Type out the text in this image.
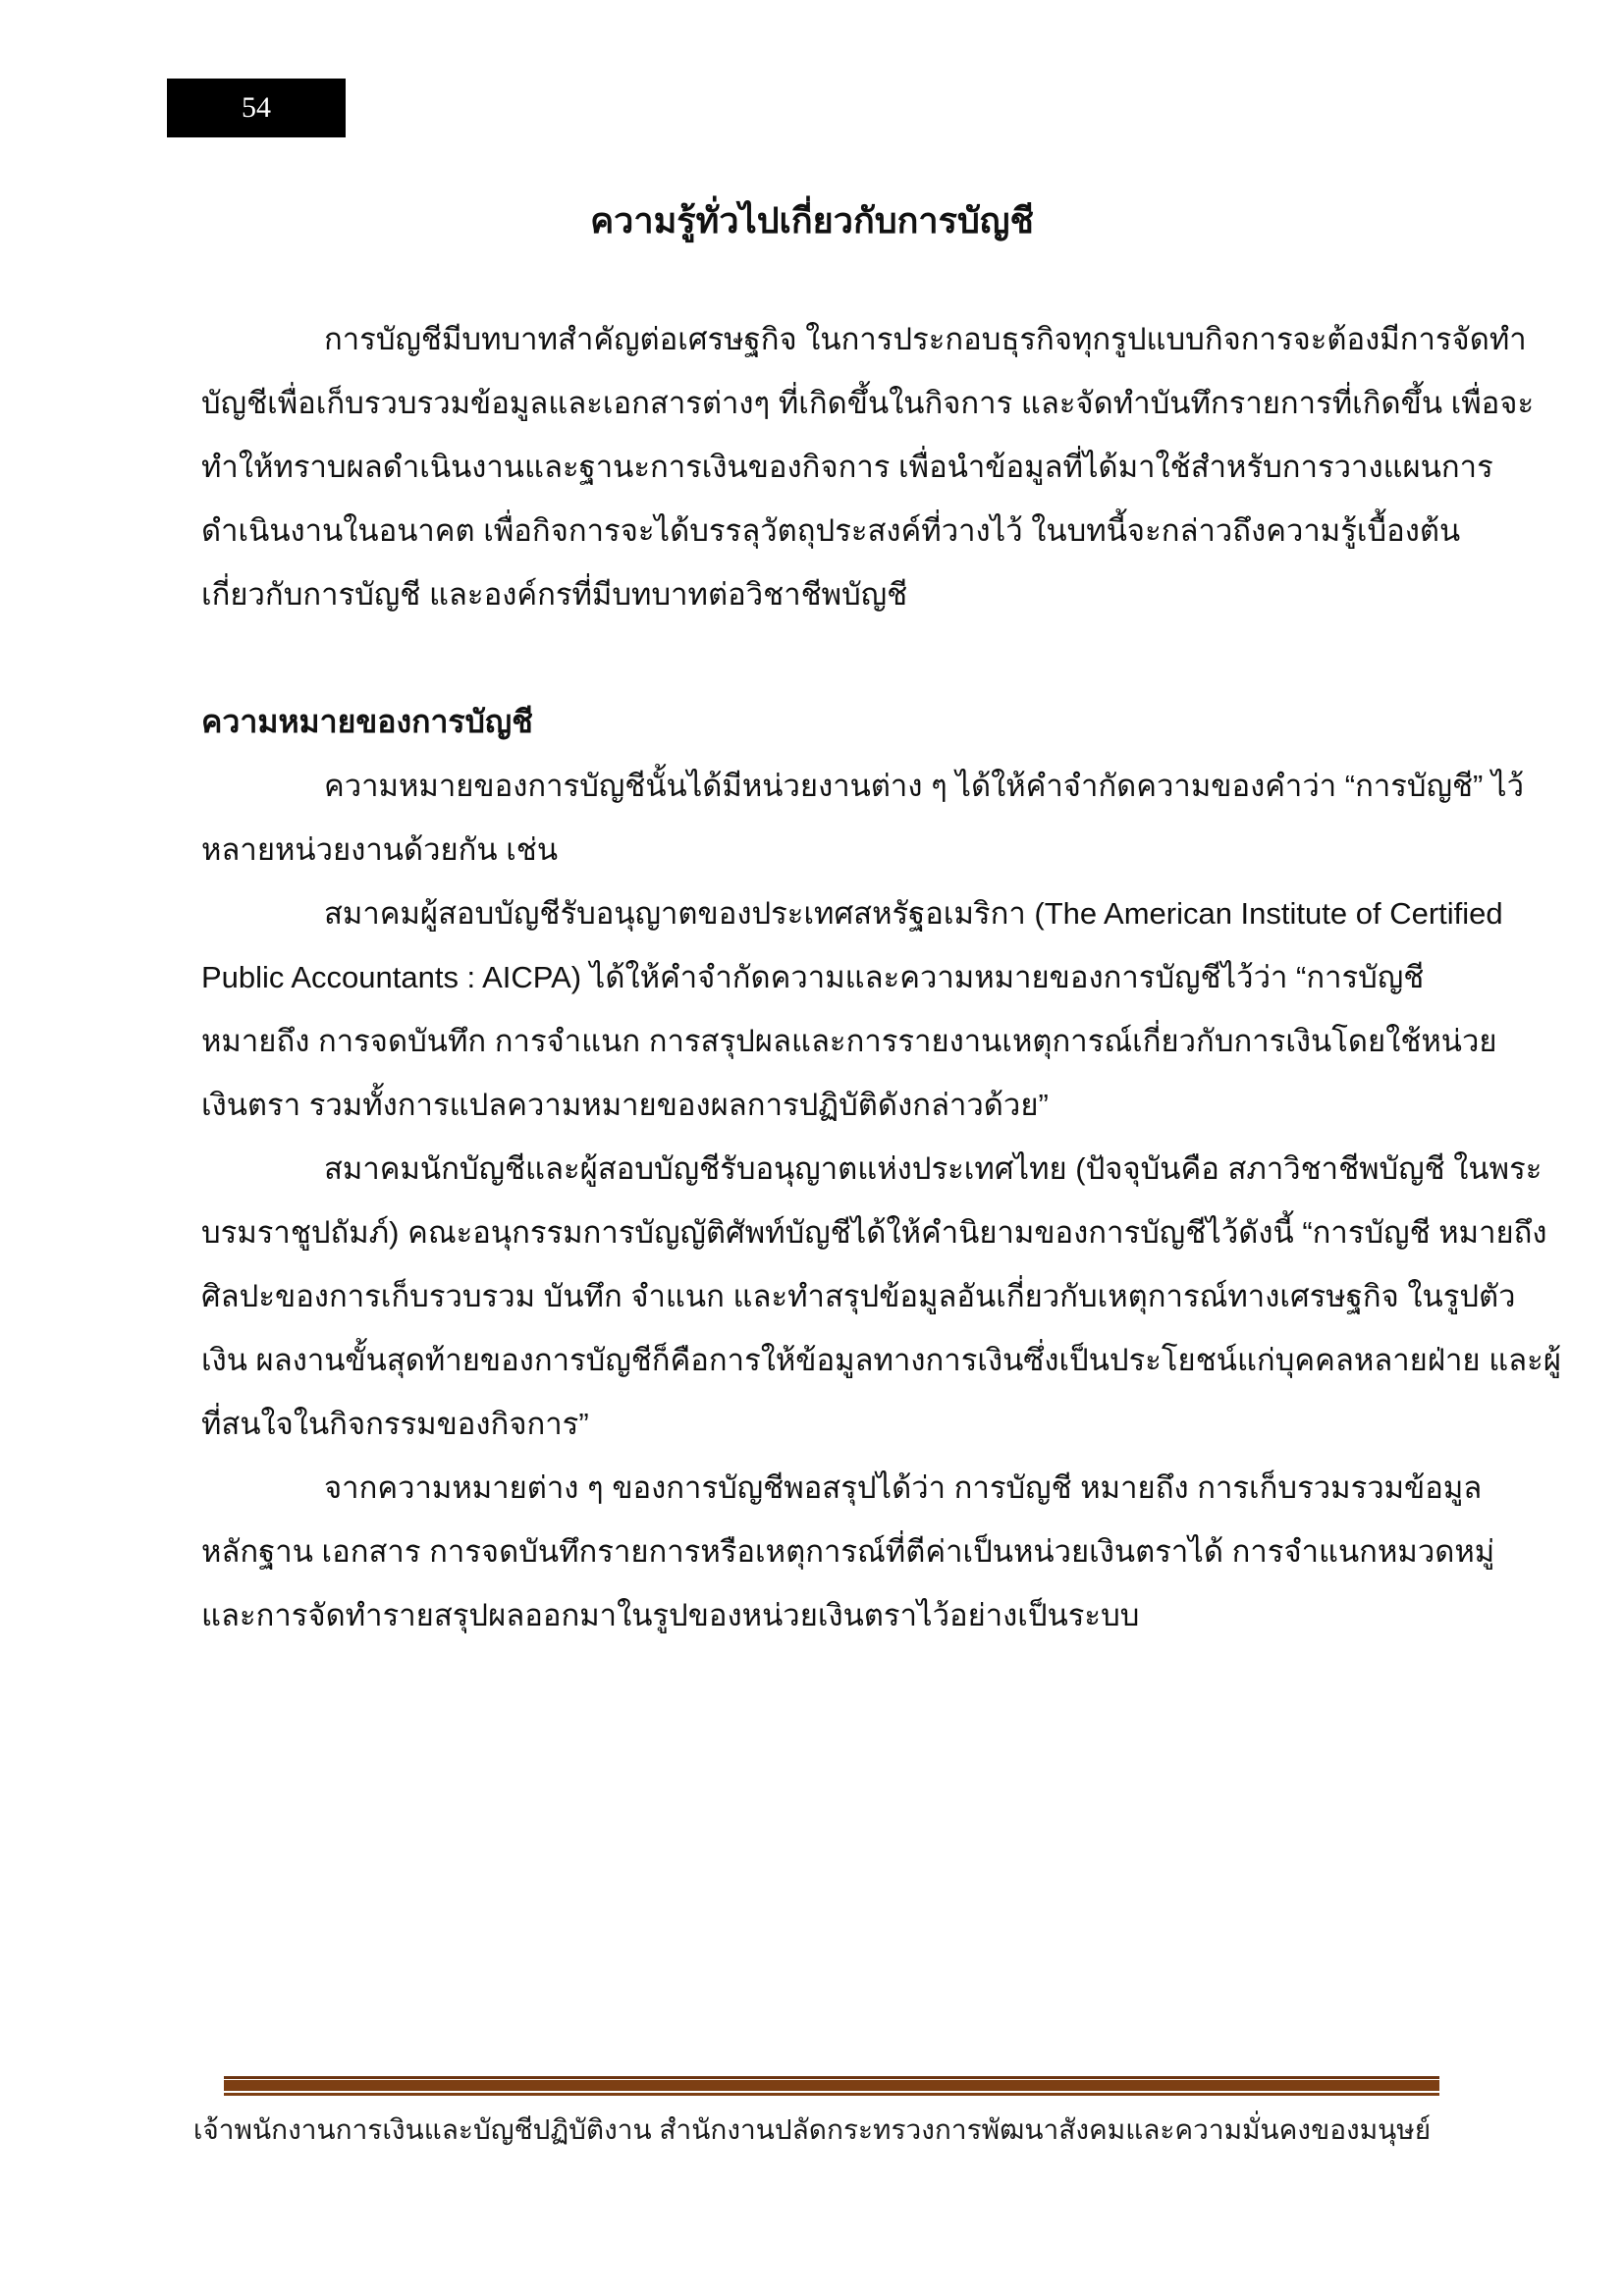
54
ความรู้ทั่วไปเกี่ยวกับการบัญชี
การบัญชีมีบทบาทสำคัญต่อเศรษฐกิจ ในการประกอบธุรกิจทุกรูปแบบกิจการจะต้องมีการจัดทำ
บัญชีเพื่อเก็บรวบรวมข้อมูลและเอกสารต่างๆ ที่เกิดขึ้นในกิจการ และจัดทำบันทึกรายการที่เกิดขึ้น เพื่อจะ
ทำให้ทราบผลดำเนินงานและฐานะการเงินของกิจการ เพื่อนำข้อมูลที่ได้มาใช้สำหรับการวางแผนการ
ดำเนินงานในอนาคต เพื่อกิจการจะได้บรรลุวัตถุประสงค์ที่วางไว้ ในบทนี้จะกล่าวถึงความรู้เบื้องต้น
เกี่ยวกับการบัญชี และองค์กรที่มีบทบาทต่อวิชาชีพบัญชี
ความหมายของการบัญชี
ความหมายของการบัญชีนั้นได้มีหน่วยงานต่าง ๆ ได้ให้คำจำกัดความของคำว่า “การบัญชี” ไว้
หลายหน่วยงานด้วยกัน เช่น
สมาคมผู้สอบบัญชีรับอนุญาตของประเทศสหรัฐอเมริกา (The American Institute of Certified
Public Accountants : AICPA) ได้ให้คำจำกัดความและความหมายของการบัญชีไว้ว่า “การบัญชี
หมายถึง การจดบันทึก การจำแนก การสรุปผลและการรายงานเหตุการณ์เกี่ยวกับการเงินโดยใช้หน่วย
เงินตรา รวมทั้งการแปลความหมายของผลการปฏิบัติดังกล่าวด้วย”
สมาคมนักบัญชีและผู้สอบบัญชีรับอนุญาตแห่งประเทศไทย (ปัจจุบันคือ สภาวิชาชีพบัญชี ในพระ
บรมราชูปถัมภ์) คณะอนุกรรมการบัญญัติศัพท์บัญชีได้ให้คำนิยามของการบัญชีไว้ดังนี้ “การบัญชี หมายถึง
ศิลปะของการเก็บรวบรวม บันทึก จำแนก และทำสรุปข้อมูลอันเกี่ยวกับเหตุการณ์ทางเศรษฐกิจ ในรูปตัว
เงิน ผลงานขั้นสุดท้ายของการบัญชีก็คือการให้ข้อมูลทางการเงินซึ่งเป็นประโยชน์แก่บุคคลหลายฝ่าย และผู้
ที่สนใจในกิจกรรมของกิจการ”
จากความหมายต่าง ๆ ของการบัญชีพอสรุปได้ว่า การบัญชี หมายถึง การเก็บรวมรวมข้อมูล
หลักฐาน เอกสาร การจดบันทึกรายการหรือเหตุการณ์ที่ตีค่าเป็นหน่วยเงินตราได้ การจำแนกหมวดหมู่
และการจัดทำรายสรุปผลออกมาในรูปของหน่วยเงินตราไว้อย่างเป็นระบบ
เจ้าพนักงานการเงินและบัญชีปฏิบัติงาน สำนักงานปลัดกระทรวงการพัฒนาสังคมและความมั่นคงของมนุษย์
